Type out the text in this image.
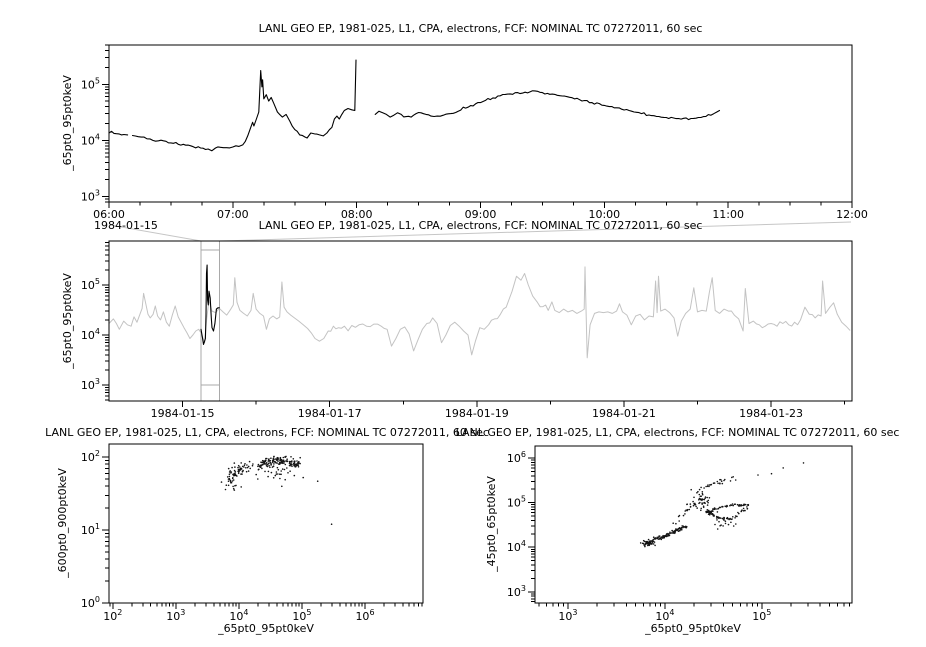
$10^3$
$10^4$
$10^5$
06:00	07:00	08:00	09:00	10:00	11:00	12:00
$10^3$
$10^4$
$10^5$
1984-01-15	1984-01-17	1984-01-19	1984-01-21	1984-01-23
$10^0$
$10^1$
$10^2$
$10^2$	$10^3$	$10^4$	$10^5$	$10^6$
$10^3$
$10^4$
$10^5$
$10^6$
$10^3$	$10^4$	$10^5$
LANL GEO EP, 1981-025, L1, CPA, electrons, FCF: NOMINAL TC 07272011, 60 sec
LANL GEO EP, 1981-025, L1, CPA, electrons, FCF: NOMINAL TC 07272011, 60 sec
LANL GEO EP, 1981-025, L1, CPA, electrons, FCF: NOMINAL TC 07272011, 60 sec
LANL GEO EP, 1981-025, L1, CPA, electrons, FCF: NOMINAL TC 07272011, 60 sec
1984-01-15
_65pt0_95pt0keV
_65pt0_95pt0keV
_600pt0_900pt0keV	_45pt0_65pt0keV
_65pt0_95pt0keV	_65pt0_95pt0keV
